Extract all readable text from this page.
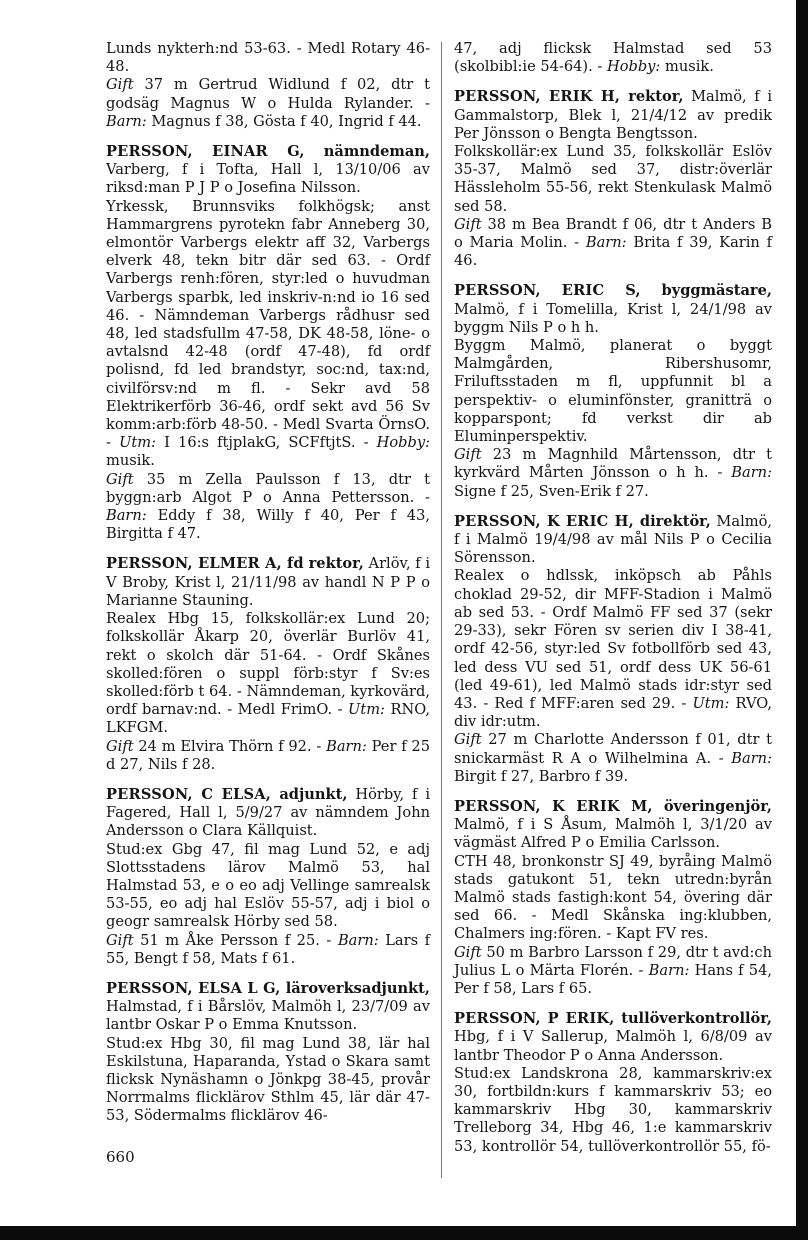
Lunds nykterh:nd 53-63. - Medl Rotary 46-48.

Gift 37 m Gertrud Widlund f 02, dtr t godsäg Magnus W o Hulda Rylander. - Barn: Magnus f 38, Gösta f 40, Ingrid f 44.

PERSSON, EINAR G, nämndeman, Varberg, f i Tofta, Hall l, 13/10/06 av riksd:man P J P o Josefina Nilsson.

Yrkessk, Brunnsviks folkhögsk; anst Hammargrens pyrotekn fabr Anneberg 30, elmontör Varbergs elektr aff 32, Varbergs elverk 48, tekn bitr där sed 63. - Ordf Varbergs renh:fören, styr:led o huvudman Varbergs sparbk, led inskriv-n:nd io 16 sed 46. - Nämndeman Varbergs rådhusr sed 48, led stadsfullm 47-58, DK 48-58, löne- o avtalsnd 42-48 (ordf 47-48), fd ordf polisnd, fd led brandstyr, soc:nd, tax:nd, civilförsv:nd m fl. - Sekr avd 58 Elektrikerförb 36-46, ordf sekt avd 56 Sv komm:arb:förb 48-50. - Medl Svarta ÖrnsO. - Utm: I 16:s ftjplakG, SCFftjtS. - Hobby: musik.

Gift 35 m Zella Paulsson f 13, dtr t byggn:arb Algot P o Anna Pettersson. - Barn: Eddy f 38, Willy f 40, Per f 43, Birgitta f 47.

PERSSON, ELMER A, fd rektor, Arlöv, f i V Broby, Krist l, 21/11/98 av handl N P P o Marianne Stauning.

Realex Hbg 15, folkskollär:ex Lund 20; folkskollär Åkarp 20, överlär Burlöv 41, rekt o skolch där 51-64. - Ordf Skånes skolled:fören o suppl förb:styr f Sv:es skolled:förb t 64. - Nämndeman, kyrkovärd, ordf barnav:nd. - Medl FrimO. - Utm: RNO, LKFGM.

Gift 24 m Elvira Thörn f 92. - Barn: Per f 25 d 27, Nils f 28.

PERSSON, C ELSA, adjunkt, Hörby, f i Fagered, Hall l, 5/9/27 av nämndem John Andersson o Clara Källquist.

Stud:ex Gbg 47, fil mag Lund 52, e adj Slottsstadens lärov Malmö 53, hal Halmstad 53, e o eo adj Vellinge samrealsk 53-55, eo adj hal Eslöv 55-57, adj i biol o geogr samrealsk Hörby sed 58.

Gift 51 m Åke Persson f 25. - Barn: Lars f 55, Bengt f 58, Mats f 61.

PERSSON, ELSA L G, läroverksadjunkt, Halmstad, f i Bårslöv, Malmöh l, 23/7/09 av lantbr Oskar P o Emma Knutsson.

Stud:ex Hbg 30, fil mag Lund 38, lär hal Eskilstuna, Haparanda, Ystad o Skara samt flicksk Nynäshamn o Jönkpg 38-45, provår Norrmalms flicklärov Sthlm 45, lär där 47-53, Södermalms flicklärov 46-

47, adj flicksk Halmstad sed 53 (skolbibl:ie 54-64). - Hobby: musik.

PERSSON, ERIK H, rektor, Malmö, f i Gammalstorp, Blek l, 21/4/12 av predik Per Jönsson o Bengta Bengtsson.

Folkskollär:ex Lund 35, folkskollär Eslöv 35-37, Malmö sed 37, distr:överlär Hässleholm 55-56, rekt Stenkulask Malmö sed 58.

Gift 38 m Bea Brandt f 06, dtr t Anders B o Maria Molin. - Barn: Brita f 39, Karin f 46.

PERSSON, ERIC S, byggmästare, Malmö, f i Tomelilla, Krist l, 24/1/98 av byggm Nils P o h h.

Byggm Malmö, planerat o byggt Malmgården, Ribershusomr, Friluftsstaden m fl, uppfunnit bl a perspektiv- o eluminfönster, granitträ o kopparspont; fd verkst dir ab Eluminperspektiv.

Gift 23 m Magnhild Mårtensson, dtr t kyrkvärd Mårten Jönsson o h h. - Barn: Signe f 25, Sven-Erik f 27.

PERSSON, K ERIC H, direktör, Malmö, f i Malmö 19/4/98 av mål Nils P o Cecilia Sörensson.

Realex o hdlssk, inköpsch ab Påhls choklad 29-52, dir MFF-Stadion i Malmö ab sed 53. - Ordf Malmö FF sed 37 (sekr 29-33), sekr Fören sv serien div I 38-41, ordf 42-56, styr:led Sv fotbollförb sed 43, led dess VU sed 51, ordf dess UK 56-61 (led 49-61), led Malmö stads idr:styr sed 43. - Red f MFF:aren sed 29. - Utm: RVO, div idr:utm.

Gift 27 m Charlotte Andersson f 01, dtr t snickarmäst R A o Wilhelmina A. - Barn: Birgit f 27, Barbro f 39.

PERSSON, K ERIK M, överingenjör, Malmö, f i S Åsum, Malmöh l, 3/1/20 av vägmäst Alfred P o Emilia Carlsson.

CTH 48, bronkonstr SJ 49, byråing Malmö stads gatukont 51, tekn utredn:byrån Malmö stads fastigh:kont 54, övering där sed 66. - Medl Skånska ing:klubben, Chalmers ing:fören. - Kapt FV res.

Gift 50 m Barbro Larsson f 29, dtr t avd:ch Julius L o Märta Florén. - Barn: Hans f 54, Per f 58, Lars f 65.

PERSSON, P ERIK, tullöverkontrollör, Hbg, f i V Sallerup, Malmöh l, 6/8/09 av lantbr Theodor P o Anna Andersson.

Stud:ex Landskrona 28, kammarskriv:ex 30, fortbildn:kurs f kammarskriv 53; eo kammarskriv Hbg 30, kammarskriv Trelleborg 34, Hbg 46, 1:e kammarskriv 53, kontrollör 54, tullöverkontrollör 55, fö-

660
